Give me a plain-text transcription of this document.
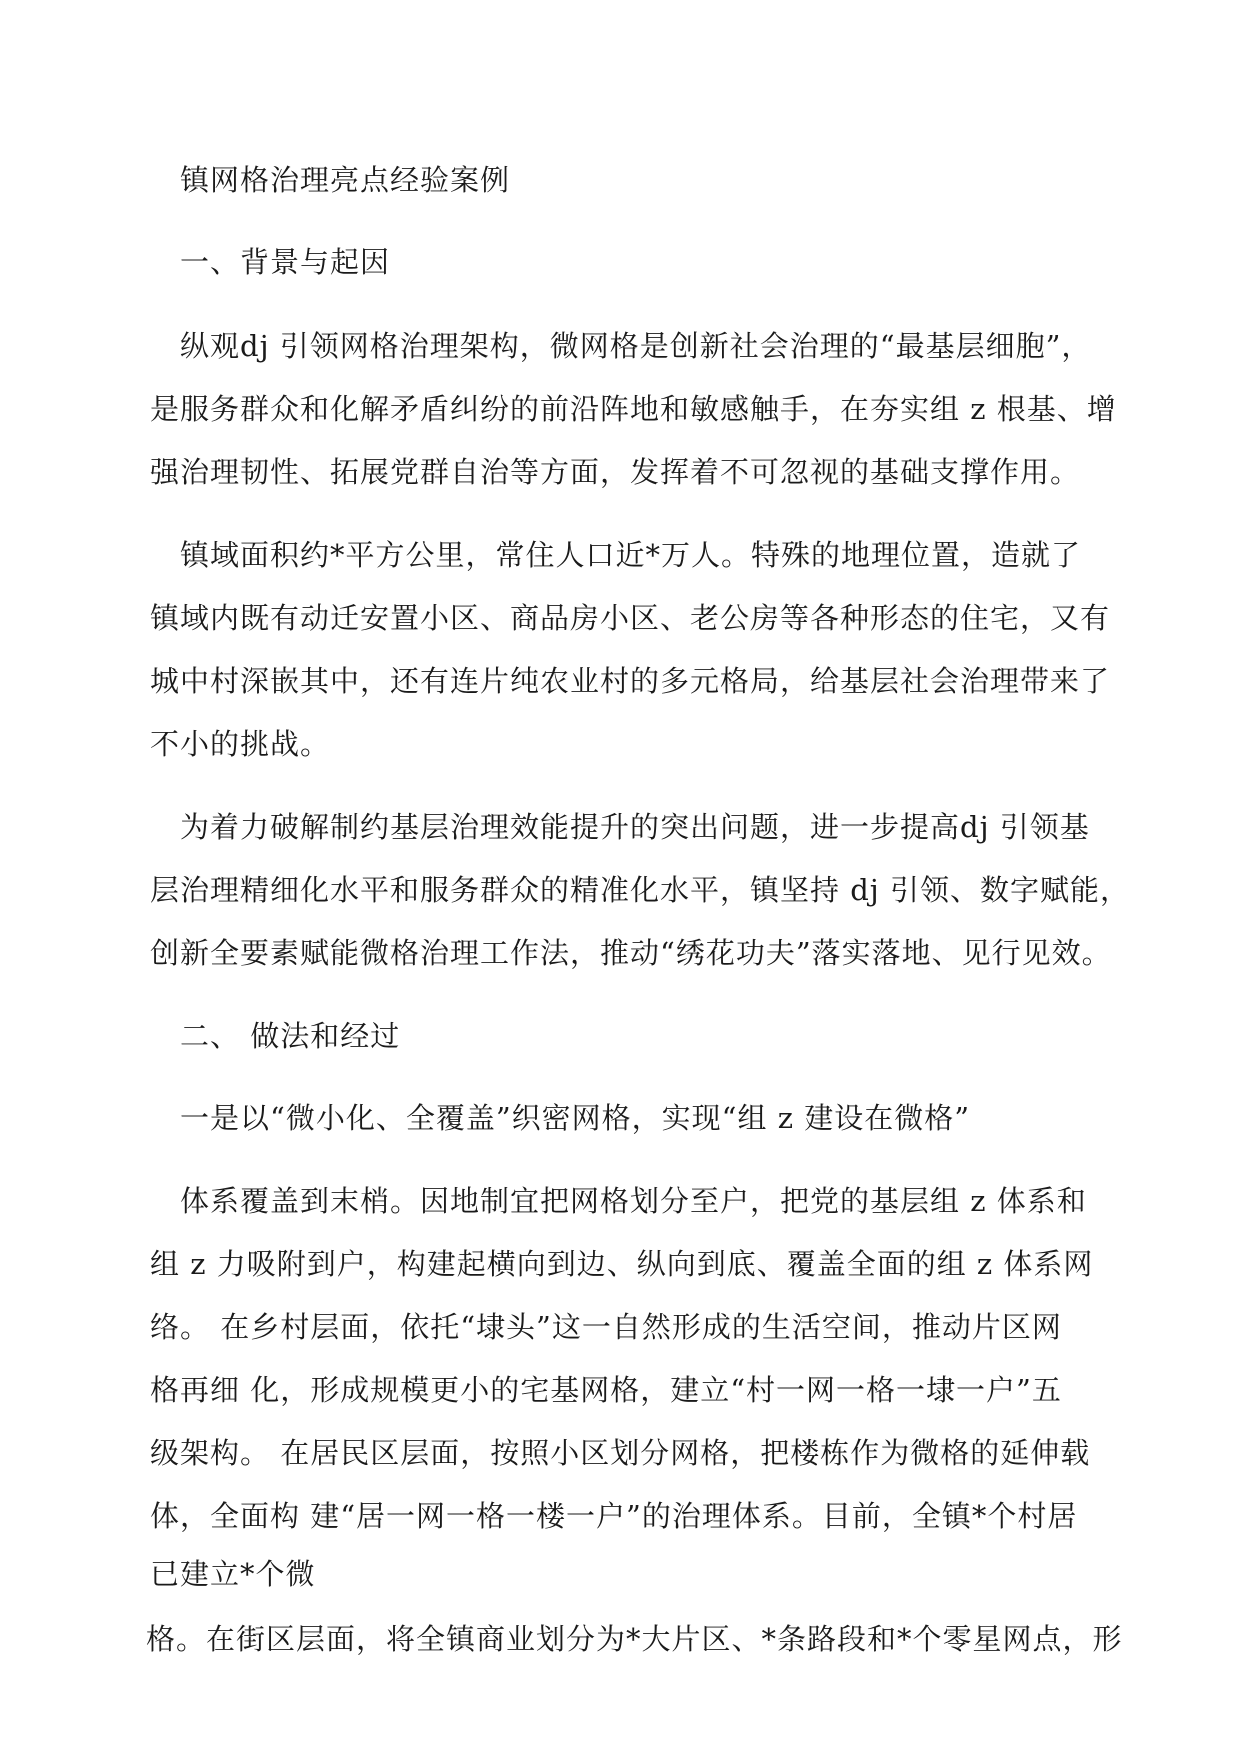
镇网格治理亮点经验案例
一、背景与起因
纵观dj 引领网格治理架构，微网格是创新社会治理的“最基层细胞”，
是服务群众和化解矛盾纠纷的前沿阵地和敏感触手，在夯实组 z 根基、增
强治理韧性、拓展党群自治等方面，发挥着不可忽视的基础支撑作用。
镇域面积约*平方公里，常住人口近*万人。特殊的地理位置，造就了
镇域内既有动迁安置小区、商品房小区、老公房等各种形态的住宅，又有
城中村深嵌其中，还有连片纯农业村的多元格局，给基层社会治理带来了
不小的挑战。
为着力破解制约基层治理效能提升的突出问题，进一步提高dj 引领基
层治理精细化水平和服务群众的精准化水平，镇坚持 dj 引领、数字赋能，
创新全要素赋能微格治理工作法，推动“绣花功夫”落实落地、见行见效。
二、 做法和经过
一是以“微小化、全覆盖”织密网格，实现“组 z 建设在微格”
体系覆盖到末梢。因地制宜把网格划分至户，把党的基层组 z 体系和
组 z 力吸附到户，构建起横向到边、纵向到底、覆盖全面的组 z 体系网
络。 在乡村层面，依托“埭头”这一自然形成的生活空间，推动片区网
格再细 化，形成规模更小的宅基网格，建立“村一网一格一埭一户”五
级架构。 在居民区层面，按照小区划分网格，把楼栋作为微格的延伸载
体，全面构 建“居一网一格一楼一户”的治理体系。目前，全镇*个村居
已建立*个微
格。在街区层面，将全镇商业划分为*大片区、*条路段和*个零星网点，形
